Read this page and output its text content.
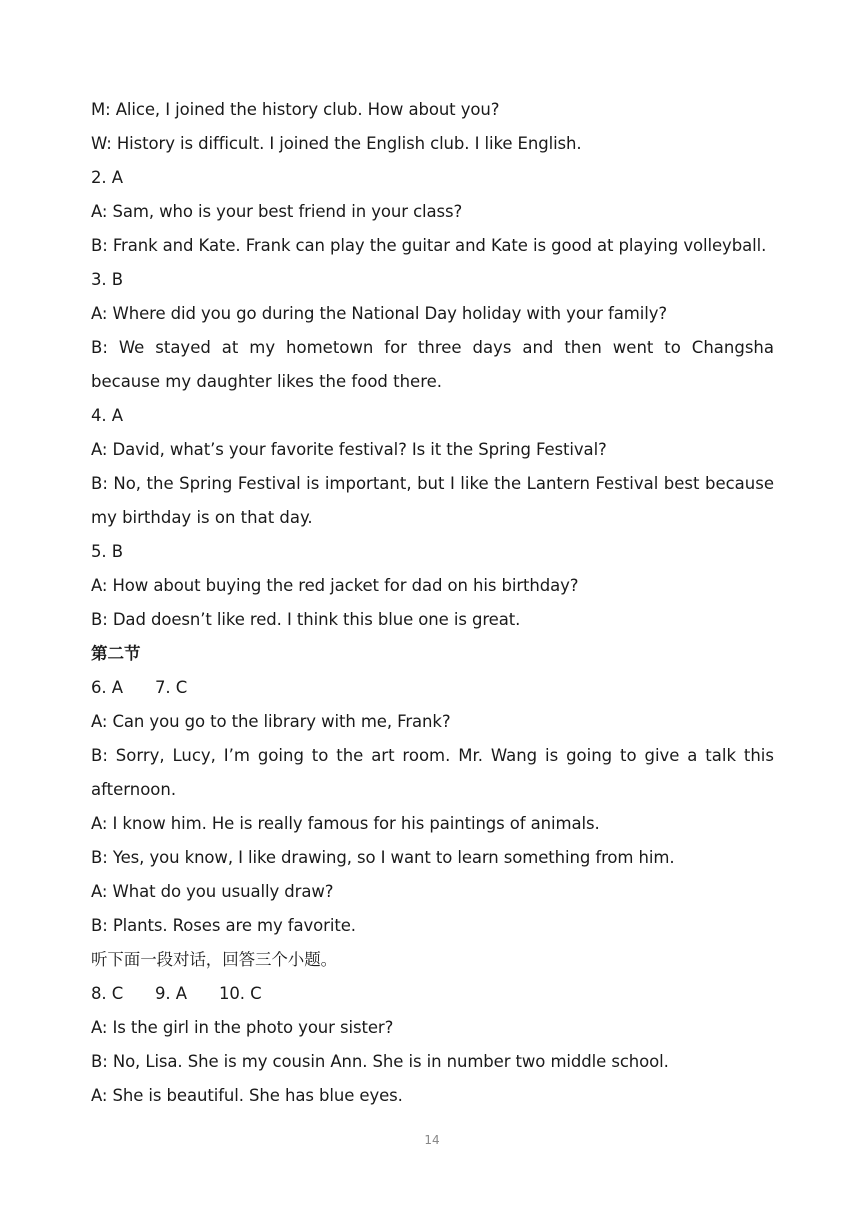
M: Alice, I joined the history club. How about you?
W: History is difficult. I joined the English club. I like English.
2. A
A: Sam, who is your best friend in your class?
B: Frank and Kate. Frank can play the guitar and Kate is good at playing volleyball.
3. B
A: Where did you go during the National Day holiday with your family?
B: We stayed at my hometown for three days and then went to Changsha because my daughter likes the food there.
4. A
A: David, what’s your favorite festival? Is it the Spring Festival?
B: No, the Spring Festival is important, but I like the Lantern Festival best because my birthday is on that day.
5. B
A: How about buying the red jacket for dad on his birthday?
B: Dad doesn’t like red. I think this blue one is great.
第二节
6. A 7. C
A: Can you go to the library with me, Frank?
B: Sorry, Lucy, I’m going to the art room. Mr. Wang is going to give a talk this afternoon.
A: I know him. He is really famous for his paintings of animals.
B: Yes, you know, I like drawing, so I want to learn something from him.
A: What do you usually draw?
B: Plants. Roses are my favorite.
听下面一段对话，回答三个小题。
8. C 9. A 10. C
A: Is the girl in the photo your sister?
B: No, Lisa. She is my cousin Ann. She is in number two middle school.
A: She is beautiful. She has blue eyes.
14
